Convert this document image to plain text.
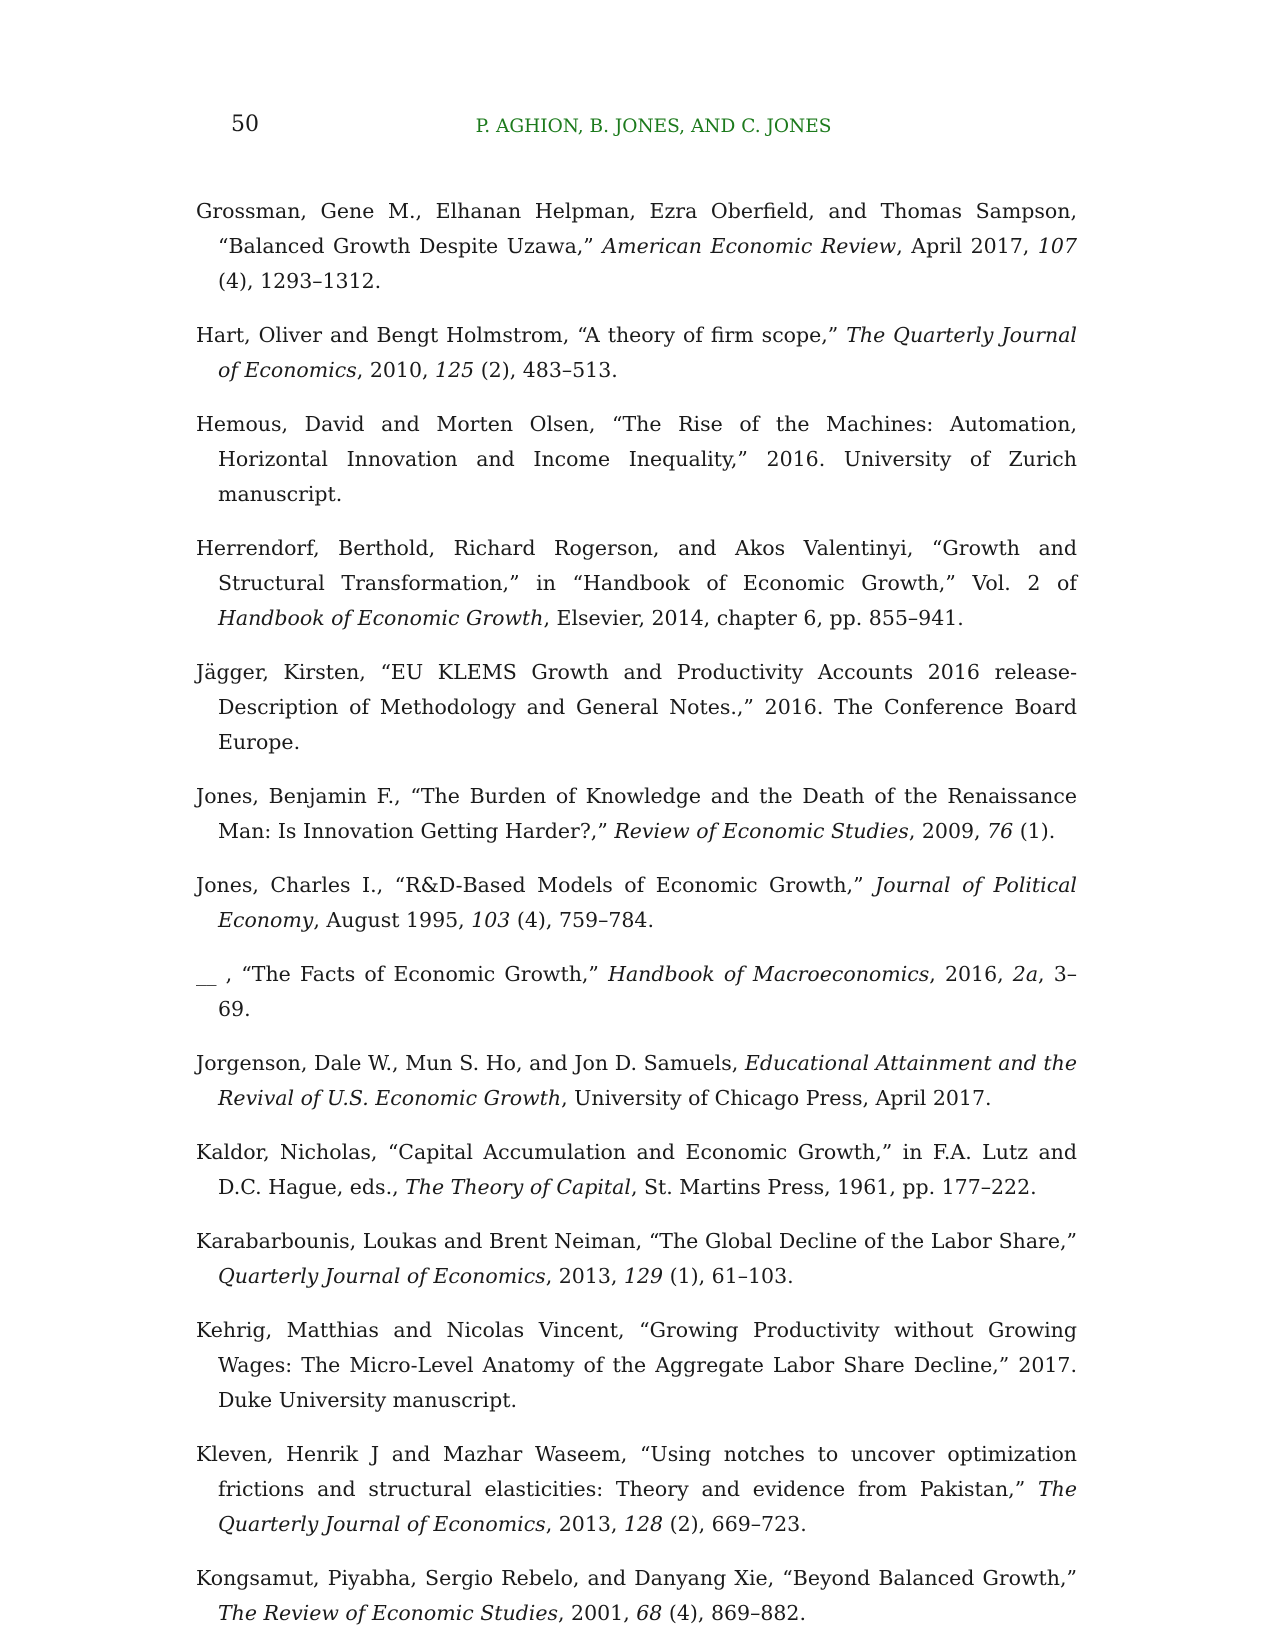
50	P. AGHION, B. JONES, AND C. JONES

Grossman, Gene M., Elhanan Helpman, Ezra Oberfield, and Thomas Sampson, “Balanced Growth Despite Uzawa,” American Economic Review, April 2017, 107 (4), 1293–1312.

Hart, Oliver and Bengt Holmstrom, “A theory of firm scope,” The Quarterly Journal of Economics, 2010, 125 (2), 483–513.

Hemous, David and Morten Olsen, “The Rise of the Machines: Automation, Horizontal Innovation and Income Inequality,” 2016. University of Zurich manuscript.

Herrendorf, Berthold, Richard Rogerson, and Akos Valentinyi, “Growth and Structural Transformation,” in “Handbook of Economic Growth,” Vol. 2 of Handbook of Economic Growth, Elsevier, 2014, chapter 6, pp. 855–941.

Jägger, Kirsten, “EU KLEMS Growth and Productivity Accounts 2016 release-Description of Methodology and General Notes.,” 2016. The Conference Board Europe.

Jones, Benjamin F., “The Burden of Knowledge and the Death of the Renaissance Man: Is Innovation Getting Harder?,” Review of Economic Studies, 2009, 76 (1).

Jones, Charles I., “R&D-Based Models of Economic Growth,” Journal of Political Economy, August 1995, 103 (4), 759–784.

__ , “The Facts of Economic Growth,” Handbook of Macroeconomics, 2016, 2a, 3–69.

Jorgenson, Dale W., Mun S. Ho, and Jon D. Samuels, Educational Attainment and the Revival of U.S. Economic Growth, University of Chicago Press, April 2017.

Kaldor, Nicholas, “Capital Accumulation and Economic Growth,” in F.A. Lutz and D.C. Hague, eds., The Theory of Capital, St. Martins Press, 1961, pp. 177–222.

Karabarbounis, Loukas and Brent Neiman, “The Global Decline of the Labor Share,” Quarterly Journal of Economics, 2013, 129 (1), 61–103.

Kehrig, Matthias and Nicolas Vincent, “Growing Productivity without Growing Wages: The Micro-Level Anatomy of the Aggregate Labor Share Decline,” 2017. Duke University manuscript.

Kleven, Henrik J and Mazhar Waseem, “Using notches to uncover optimization frictions and structural elasticities: Theory and evidence from Pakistan,” The Quarterly Journal of Economics, 2013, 128 (2), 669–723.

Kongsamut, Piyabha, Sergio Rebelo, and Danyang Xie, “Beyond Balanced Growth,” The Review of Economic Studies, 2001, 68 (4), 869–882.
